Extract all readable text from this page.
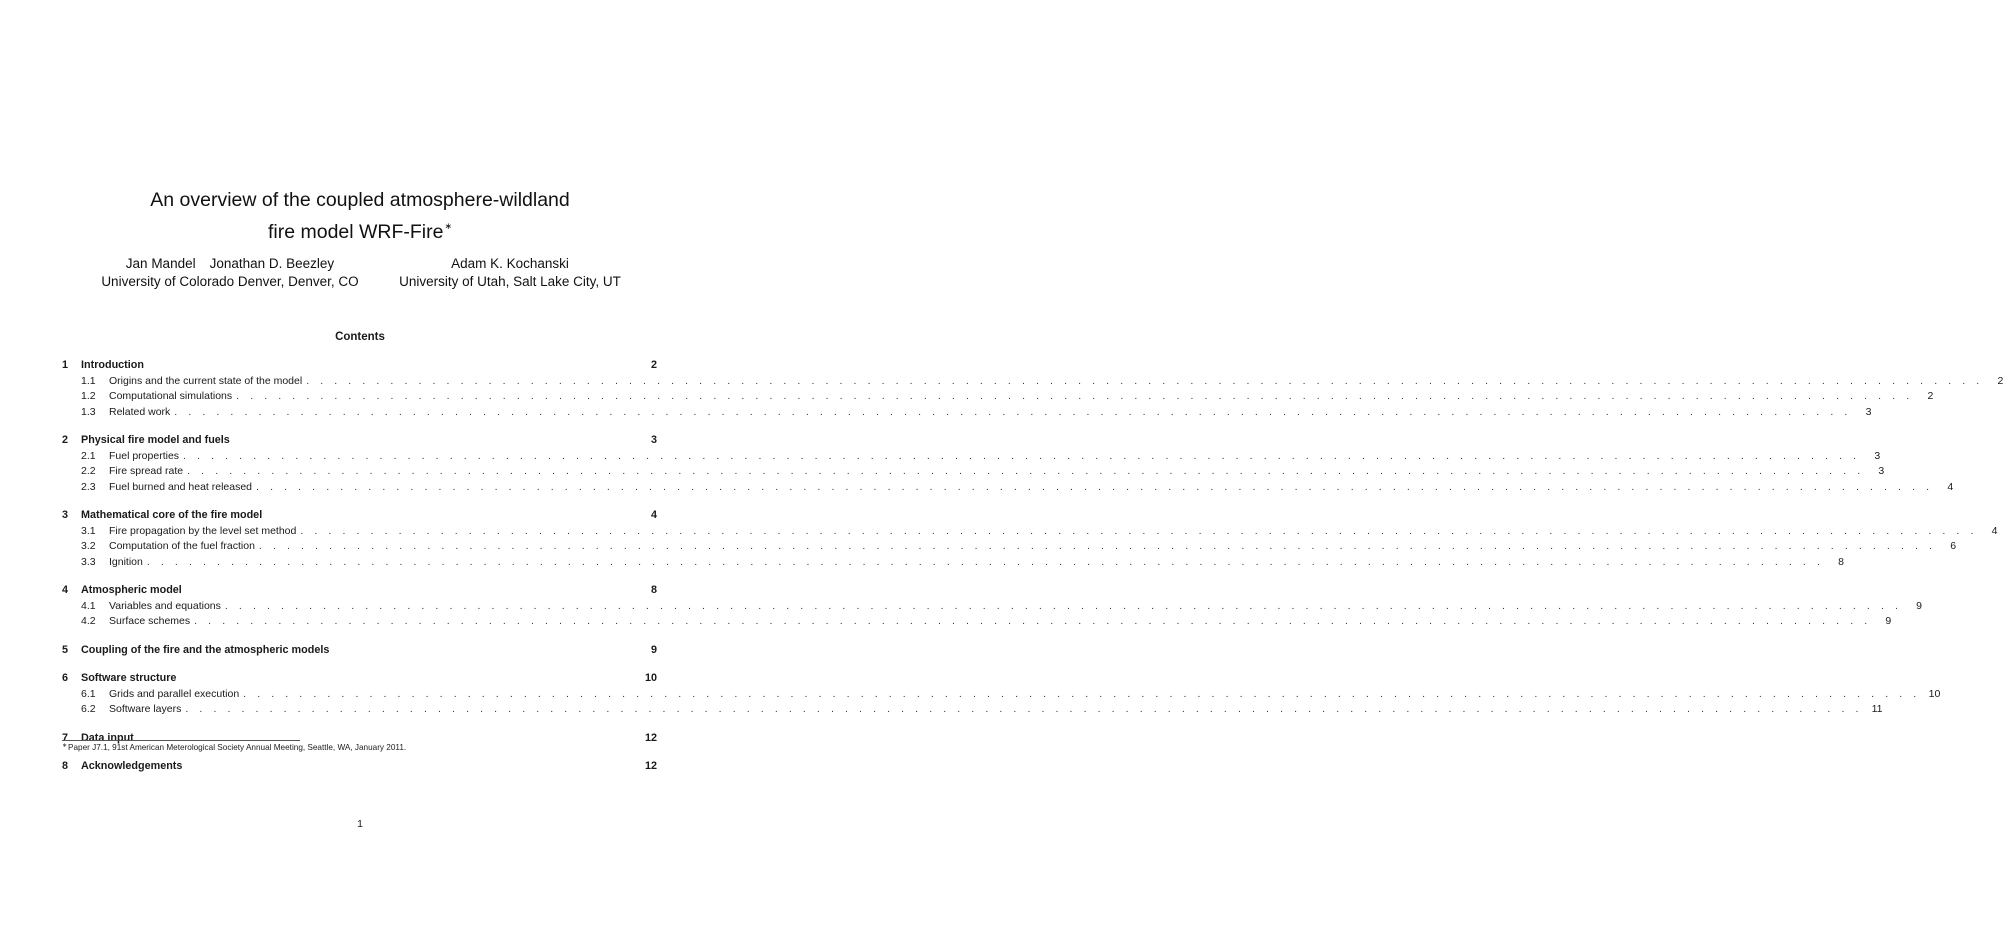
An overview of the coupled atmosphere-wildland
fire model WRF-Fire∗
Jan Mandel Jonathan D. Beezley
University of Colorado Denver, Denver, CO
Adam K. Kochanski
University of Utah, Salt Lake City, UT
Contents
1	Introduction	2
1.1	Origins and the current state of the model . . . . . . . . . . . . . . . . . . . . . . . . . . . . . . . . . . . . . . . . . . . . . . . . . . . . . . . . . . . . . . . . . . . . . . . . . . . . . . . . . . . . . . . . . . . . . . . . . . . . . . . . . . . . . . . . . . . . . . . .	2
1.2	Computational simulations . . . . . . . . . . . . . . . . . . . . . . . . . . . . . . . . . . . . . . . . . . . . . . . . . . . . . . . . . . . . . . . . . . . . . . . . . . . . . . . . . . . . . . . . . . . . . . . . . . . . . . . . . . . . . . . . . . . . . . . .	2
1.3	Related work . . . . . . . . . . . . . . . . . . . . . . . . . . . . . . . . . . . . . . . . . . . . . . . . . . . . . . . . . . . . . . . . . . . . . . . . . . . . . . . . . . . . . . . . . . . . . . . . . . . . . . . . . . . . . . . . . . . . . . . .	3
2	Physical fire model and fuels	3
2.1	Fuel properties . . . . . . . . . . . . . . . . . . . . . . . . . . . . . . . . . . . . . . . . . . . . . . . . . . . . . . . . . . . . . . . . . . . . . . . . . . . . . . . . . . . . . . . . . . . . . . . . . . . . . . . . . . . . . . . . . . . . . . . .	3
2.2	Fire spread rate . . . . . . . . . . . . . . . . . . . . . . . . . . . . . . . . . . . . . . . . . . . . . . . . . . . . . . . . . . . . . . . . . . . . . . . . . . . . . . . . . . . . . . . . . . . . . . . . . . . . . . . . . . . . . . . . . . . . . . . .	3
2.3	Fuel burned and heat released . . . . . . . . . . . . . . . . . . . . . . . . . . . . . . . . . . . . . . . . . . . . . . . . . . . . . . . . . . . . . . . . . . . . . . . . . . . . . . . . . . . . . . . . . . . . . . . . . . . . . . . . . . . . . . . . . . . . . . . .	4
3	Mathematical core of the fire model	4
3.1	Fire propagation by the level set method . . . . . . . . . . . . . . . . . . . . . . . . . . . . . . . . . . . . . . . . . . . . . . . . . . . . . . . . . . . . . . . . . . . . . . . . . . . . . . . . . . . . . . . . . . . . . . . . . . . . . . . . . . . . . . . . . . . . . . . .	4
3.2	Computation of the fuel fraction . . . . . . . . . . . . . . . . . . . . . . . . . . . . . . . . . . . . . . . . . . . . . . . . . . . . . . . . . . . . . . . . . . . . . . . . . . . . . . . . . . . . . . . . . . . . . . . . . . . . . . . . . . . . . . . . . . . . . . . .	6
3.3	Ignition . . . . . . . . . . . . . . . . . . . . . . . . . . . . . . . . . . . . . . . . . . . . . . . . . . . . . . . . . . . . . . . . . . . . . . . . . . . . . . . . . . . . . . . . . . . . . . . . . . . . . . . . . . . . . . . . . . . . . . . .	8
4	Atmospheric model	8
4.1	Variables and equations . . . . . . . . . . . . . . . . . . . . . . . . . . . . . . . . . . . . . . . . . . . . . . . . . . . . . . . . . . . . . . . . . . . . . . . . . . . . . . . . . . . . . . . . . . . . . . . . . . . . . . . . . . . . . . . . . . . . . . . .	9
4.2	Surface schemes . . . . . . . . . . . . . . . . . . . . . . . . . . . . . . . . . . . . . . . . . . . . . . . . . . . . . . . . . . . . . . . . . . . . . . . . . . . . . . . . . . . . . . . . . . . . . . . . . . . . . . . . . . . . . . . . . . . . . . . .	9
5	Coupling of the fire and the atmospheric models	9
6	Software structure	10
6.1	Grids and parallel execution . . . . . . . . . . . . . . . . . . . . . . . . . . . . . . . . . . . . . . . . . . . . . . . . . . . . . . . . . . . . . . . . . . . . . . . . . . . . . . . . . . . . . . . . . . . . . . . . . . . . . . . . . . . . . . . . . . . . . . . . 10
6.2	Software layers . . . . . . . . . . . . . . . . . . . . . . . . . . . . . . . . . . . . . . . . . . . . . . . . . . . . . . . . . . . . . . . . . . . . . . . . . . . . . . . . . . . . . . . . . . . . . . . . . . . . . . . . . . . . . . . . . . . . . . . . 11
7	Data input	12
8	Acknowledgements	12
∗Paper J7.1, 91st American Meterological Society Annual Meeting, Seattle, WA, January 2011.
1
